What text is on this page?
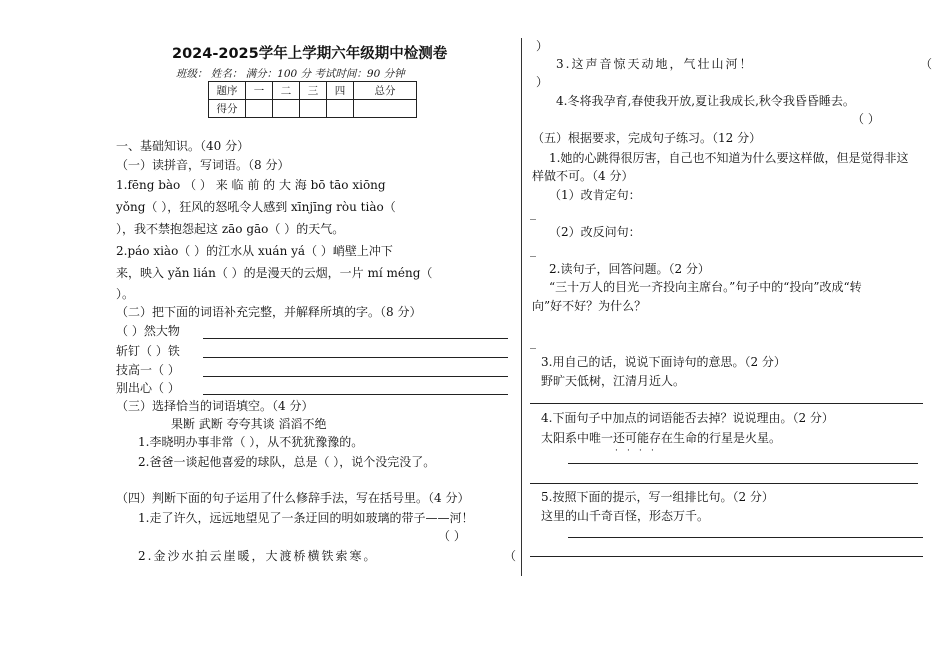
2024-2025学年上学期六年级期中检测卷
班级： 姓名： 满分：100 分 考试时间：90 分钟
题序	一	二	三	四	总分
得分					
一、基础知识。（40 分）
（一）读拼音，写词语。（8 分）
1.fēng bào （ ） 来 临 前 的 大 海 bō tāo xiōng
yǒng（ ），狂风的怒吼令人感到 xīnjīng ròu tiào（
），我不禁抱怨起这 zāo gāo（ ）的天气。
2.páo xiào（ ）的江水从 xuán yá（ ）峭壁上冲下
来，映入 yǎn lián（ ）的是漫天的云烟，一片 mí méng（
）。
（二）把下面的词语补充完整，并解释所填的字。（8 分）
（ ）然大物
斩钉（ ）铁
技高一（ ）
别出心（ ）
（三）选择恰当的词语填空。（4 分）
果断 武断 夸夸其谈 滔滔不绝
1.李晓明办事非常（ ），从不犹犹豫豫的。
2.爸爸一谈起他喜爱的球队，总是（ ），说个没完没了。
（四）判断下面的句子运用了什么修辞手法，写在括号里。（4 分）
1.走了许久，远远地望见了一条迂回的明如玻璃的带子——河！
（ ）
2.金沙水拍云崖暖，大渡桥横铁索寒。	（
）
3.这声音惊天动地，气壮山河！	（
）
4.冬将我孕育,春使我开放,夏让我成长,秋令我昏昏睡去。
（ ）
（五）根据要求，完成句子练习。（12 分）
1.她的心跳得很厉害，自己也不知道为什么要这样做，但是觉得非这
样做不可。（4 分）
（1）改肯定句：
_
（2）改反问句：
_
2.读句子，回答问题。（2 分）
“三十万人的目光一齐投向主席台。”句子中的“投向”改成“转
向”好不好？为什么？
_
3.用自己的话，说说下面诗句的意思。（2 分）
野旷天低树，江清月近人。
4.下面句子中加点的词语能否去掉？说说理由。（2 分）
太阳系中唯一还可能存在生命的行星是火星。
· · · ·
5.按照下面的提示，写一组排比句。（2 分）
这里的山千奇百怪，形态万千。
